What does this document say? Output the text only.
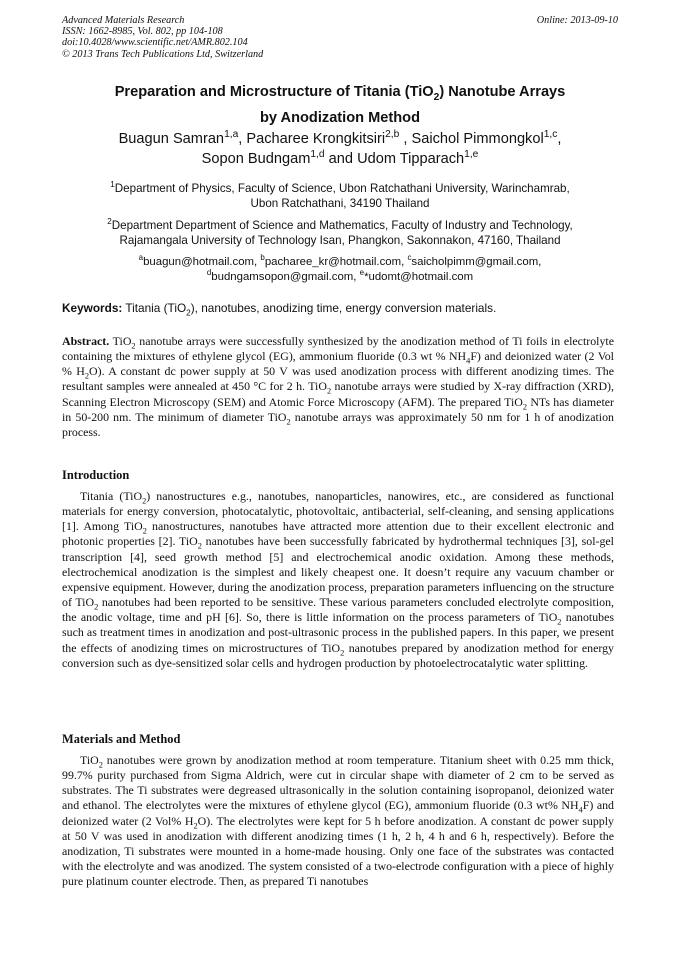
Advanced Materials Research
ISSN: 1662-8985, Vol. 802, pp 104-108
doi:10.4028/www.scientific.net/AMR.802.104
© 2013 Trans Tech Publications Ltd, Switzerland
Online: 2013-09-10
Preparation and Microstructure of Titania (TiO$_2$) Nanotube Arrays
by Anodization Method
Buagun Samran$^{1,a}$, Pacharee Krongkitsiri$^{2,b}$ , Saichol Pimmongkol$^{1,c}$,
Sopon Budngam$^{1,d}$ and Udom Tipparach$^{1,e}$
$^1$Department of Physics, Faculty of Science, Ubon Ratchathani University, Warinchamrab,
Ubon Ratchathani, 34190 Thailand
$^2$Department Department of Science and Mathematics, Faculty of Industry and Technology,
Rajamangala University of Technology Isan, Phangkon, Sakonnakon, 47160, Thailand
$^a$buagun@hotmail.com, $^b$pacharee_kr@hotmail.com, $^c$saicholpimm@gmail.com,
$^d$budngamsopon@gmail.com, $^e$*udomt@hotmail.com
Keywords: Titania (TiO$_2$), nanotubes, anodizing time, energy conversion materials.
Abstract. TiO$_2$ nanotube arrays were successfully synthesized by the anodization method of Ti foils in electrolyte containing the mixtures of ethylene glycol (EG), ammonium fluoride (0.3 wt % $NH_4F$) and deionized water (2 Vol % $H_2O$). A constant dc power supply at 50 V was used anodization process with different anodizing times. The resultant samples were annealed at 450 °C for 2 h. TiO$_2$ nanotube arrays were studied by X-ray diffraction (XRD), Scanning Electron Microscopy (SEM) and Atomic Force Microscopy (AFM). The prepared TiO$_2$ NTs has diameter in 50-200 nm. The minimum of diameter TiO$_2$ nanotube arrays was approximately 50 nm for 1 h of anodization process.
Introduction
Titania (TiO$_2$) nanostructures e.g., nanotubes, nanoparticles, nanowires, etc., are considered as functional materials for energy conversion, photocatalytic, photovoltaic, antibacterial, self-cleaning, and sensing applications [1]. Among TiO$_2$ nanostructures, nanotubes have attracted more attention due to their excellent electronic and photonic properties [2]. TiO$_2$ nanotubes have been successfully fabricated by hydrothermal techniques [3], sol-gel transcription [4], seed growth method [5] and electrochemical anodic oxidation. Among these methods, electrochemical anodization is the simplest and likely cheapest one. It doesn’t require any vacuum chamber or expensive equipment. However, during the anodization process, preparation parameters influencing on the structure of TiO$_2$ nanotubes had been reported to be sensitive. These various parameters concluded electrolyte composition, the anodic voltage, time and pH [6]. So, there is little information on the process parameters of TiO$_2$ nanotubes such as treatment times in anodization and post-ultrasonic process in the published papers. In this paper, we present the effects of anodizing times on microstructures of TiO$_2$ nanotubes prepared by anodization method for energy conversion such as dye-sensitized solar cells and hydrogen production by photoelectrocatalytic water splitting.
Materials and Method
TiO$_2$ nanotubes were grown by anodization method at room temperature. Titanium sheet with 0.25 mm thick, 99.7% purity purchased from Sigma Aldrich, were cut in circular shape with diameter of 2 cm to be served as substrates. The Ti substrates were degreased ultrasonically in the solution containing isopropanol, deionized water and ethanol. The electrolytes were the mixtures of ethylene glycol (EG), ammonium fluoride (0.3 wt% $NH_4F$) and deionized water (2 Vol% $H_2O$). The electrolytes were kept for 5 h before anodization. A constant dc power supply at 50 V was used in anodization with different anodizing times (1 h, 2 h, 4 h and 6 h, respectively). Before the anodization, Ti substrates were mounted in a home-made housing. Only one face of the substrates was contacted with the electrolyte and was anodized. The system consisted of a two-electrode configuration with a piece of highly pure platinum counter electrode. Then, as prepared Ti nanotubes
